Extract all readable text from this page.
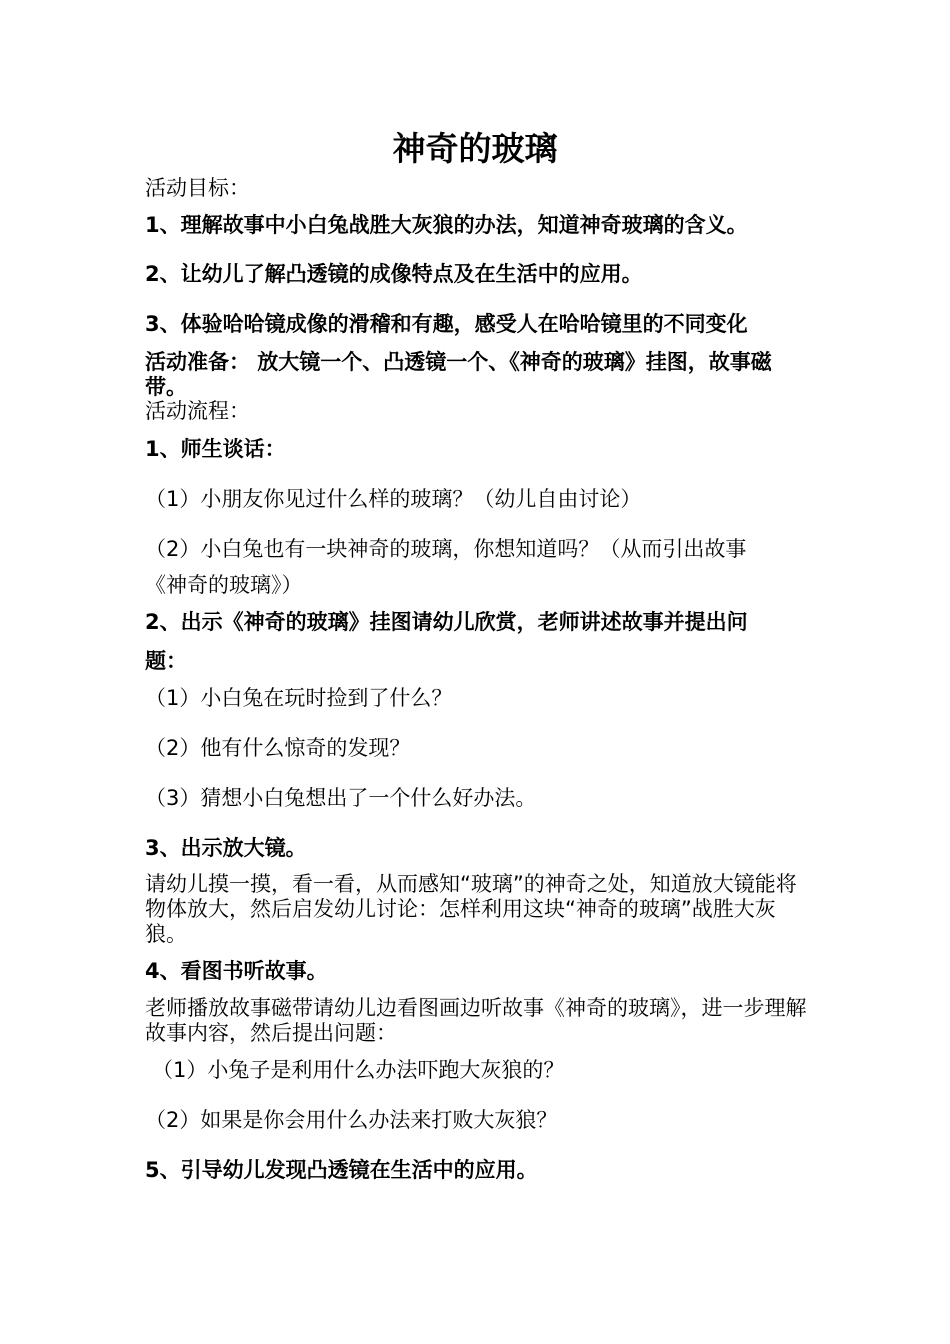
神奇的玻璃
活动目标：
1、理解故事中小白兔战胜大灰狼的办法，知道神奇玻璃的含义。
2、让幼儿了解凸透镜的成像特点及在生活中的应用。
3、体验哈哈镜成像的滑稽和有趣，感受人在哈哈镜里的不同变化
活动准备： 放大镜一个、凸透镜一个、《神奇的玻璃》挂图，故事磁带。
活动流程：
1、师生谈话：
（1）小朋友你见过什么样的玻璃？（幼儿自由讨论）
（2）小白兔也有一块神奇的玻璃，你想知道吗？（从而引出故事
《神奇的玻璃》）
2、出示《神奇的玻璃》挂图请幼儿欣赏，老师讲述故事并提出问
题：
（1）小白兔在玩时捡到了什么？
（2）他有什么惊奇的发现？
（3）猜想小白兔想出了一个什么好办法。
3、出示放大镜。
请幼儿摸一摸，看一看，从而感知“玻璃”的神奇之处，知道放大镜能将物体放大，然后启发幼儿讨论：怎样利用这块“神奇的玻璃”战胜大灰狼。
4、看图书听故事。
老师播放故事磁带请幼儿边看图画边听故事《神奇的玻璃》，进一步理解故事内容，然后提出问题：
（1）小兔子是利用什么办法吓跑大灰狼的？
（2）如果是你会用什么办法来打败大灰狼？
5、引导幼儿发现凸透镜在生活中的应用。
